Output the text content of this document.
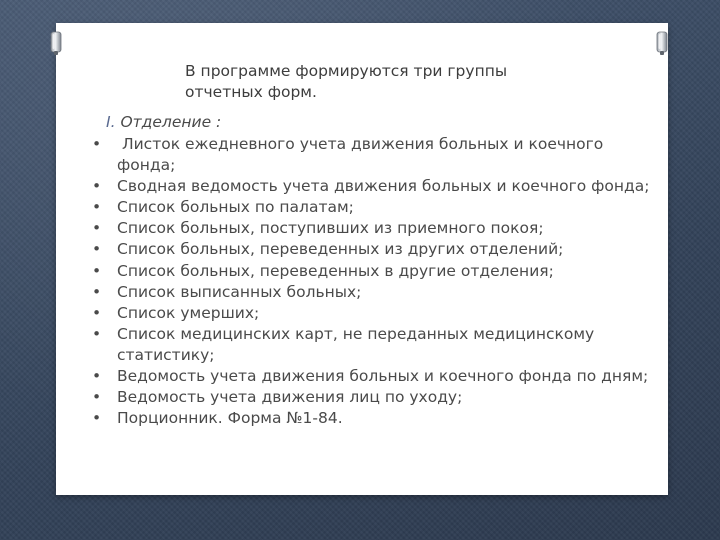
В программе формируются три группы отчетных форм.
I. Отделение :
•	Листок ежедневного учета движения больных и коечного фонда;
•	Сводная ведомость учета движения больных и коечного фонда;
•	Список больных по палатам;
•	Список больных, поступивших из приемного покоя;
•	Список больных, переведенных из других отделений;
•	Список больных, переведенных в другие отделения;
•	Список выписанных больных;
•	Список умерших;
•	Список медицинских карт, не переданных медицинскому статистику;
•	Ведомость учета движения больных и коечного фонда по дням;
•	Ведомость учета движения лиц по уходу;
•	Порционник. Форма №1-84.
